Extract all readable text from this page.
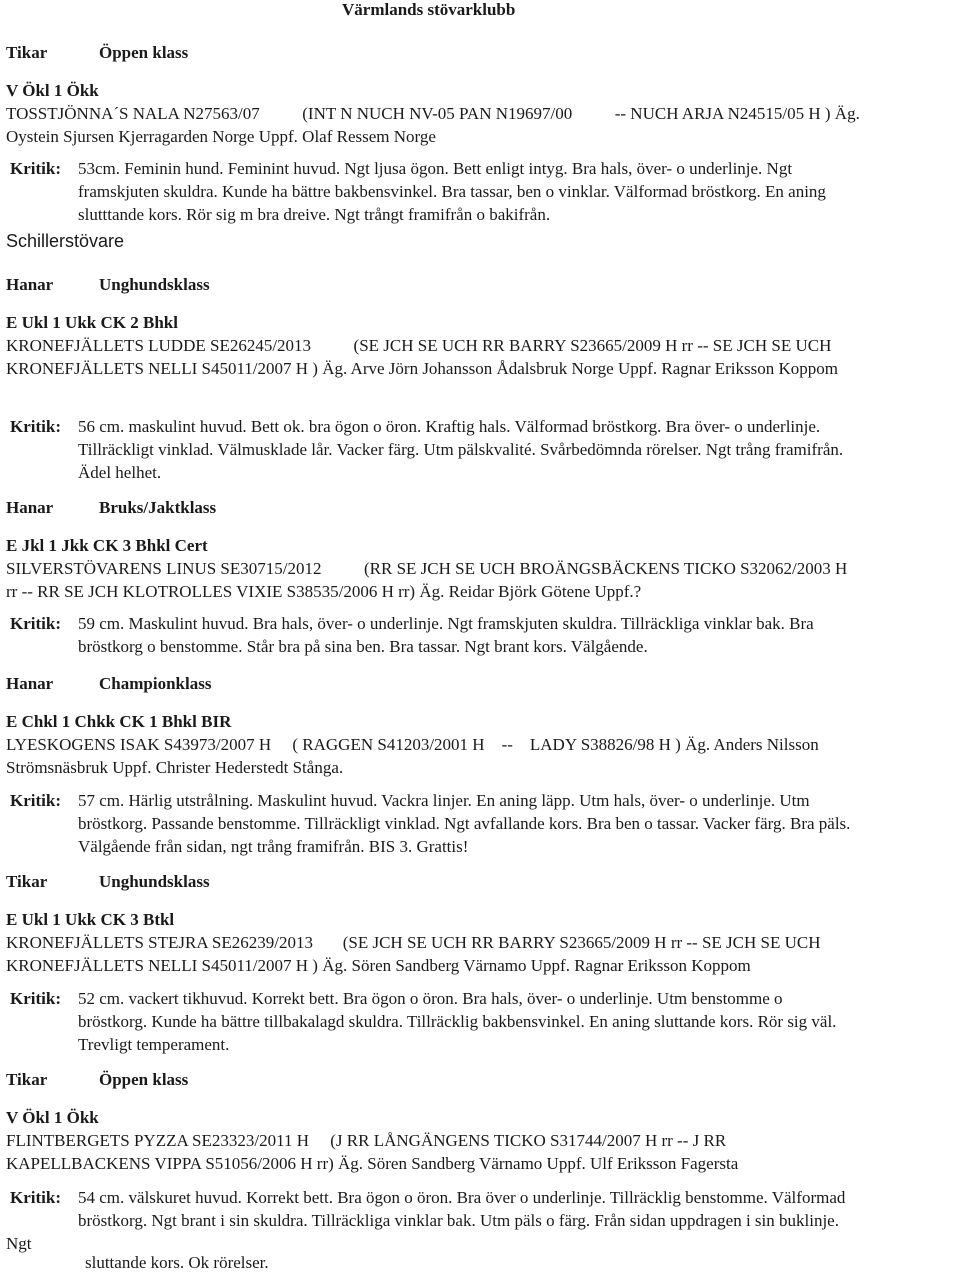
Värmlands stövarklubb
Tikar	Öppen klass
V Ökl 1 Ökk
TOSSTJÖNNA´S NALA N27563/07          (INT N NUCH NV-05 PAN N19697/00          -- NUCH ARJA N24515/05 H ) Äg.
Oystein Sjursen Kjerragarden Norge Uppf. Olaf Ressem Norge
Kritik: 53cm. Feminin hund. Feminint huvud. Ngt ljusa ögon. Bett enligt intyg. Bra hals, över- o underlinje. Ngt
framskjuten skuldra. Kunde ha bättre bakbensvinkel. Bra tassar, ben o vinklar. Välformad bröstkorg. En aning
slutttande kors. Rör sig m bra dreive. Ngt trångt framifrån o bakifrån.
Schillerstövare
Hanar	Unghundsklass
E Ukl 1 Ukk CK 2 Bhkl
KRONEFJÄLLETS LUDDE SE26245/2013          (SE JCH SE UCH RR BARRY S23665/2009 H rr -- SE JCH SE UCH
KRONEFJÄLLETS NELLI S45011/2007 H ) Äg. Arve Jörn Johansson Ådalsbruk Norge Uppf. Ragnar Eriksson Koppom
Kritik: 56 cm. maskulint huvud. Bett ok. bra ögon o öron. Kraftig hals. Välformad bröstkorg. Bra över- o underlinje.
Tillräckligt vinklad. Välmusklade lår. Vacker färg. Utm pälskvalité. Svårbedömnda rörelser. Ngt trång framifrån.
Ädel helhet.
Hanar	Bruks/Jaktklass
E Jkl 1 Jkk CK 3 Bhkl Cert
SILVERSTÖVARENS LINUS SE30715/2012          (RR SE JCH SE UCH BROÄNGSBÄCKENS TICKO S32062/2003 H
rr -- RR SE JCH KLOTROLLES VIXIE S38535/2006 H rr) Äg. Reidar Björk Götene Uppf.?
Kritik: 59 cm. Maskulint huvud. Bra hals, över- o underlinje. Ngt framskjuten skuldra. Tillräckliga vinklar bak. Bra
bröstkorg o benstomme. Står bra på sina ben. Bra tassar. Ngt brant kors. Välgående.
Hanar	Championklass
E Chkl 1 Chkk CK 1 Bhkl BIR
LYESKOGENS ISAK S43973/2007 H     ( RAGGEN S41203/2001 H    --    LADY S38826/98 H ) Äg. Anders Nilsson
Strömsnäsbruk Uppf. Christer Hederstedt Stånga.
Kritik: 57 cm. Härlig utstrålning. Maskulint huvud. Vackra linjer. En aning läpp. Utm hals, över- o underlinje. Utm
bröstkorg. Passande benstomme. Tillräckligt vinklad. Ngt avfallande kors. Bra ben o tassar. Vacker färg. Bra päls.
Välgående från sidan, ngt trång framifrån. BIS 3. Grattis!
Tikar	Unghundsklass
E Ukl 1 Ukk CK 3 Btkl
KRONEFJÄLLETS STEJRA SE26239/2013       (SE JCH SE UCH RR BARRY S23665/2009 H rr -- SE JCH SE UCH
KRONEFJÄLLETS NELLI S45011/2007 H ) Äg. Sören Sandberg Värnamo Uppf. Ragnar Eriksson Koppom
Kritik: 52 cm. vackert tikhuvud. Korrekt bett. Bra ögon o öron. Bra hals, över- o underlinje. Utm benstomme o
bröstkorg. Kunde ha bättre tillbakalagd skuldra. Tillräcklig bakbensvinkel. En aning sluttande kors. Rör sig väl.
Trevligt temperament.
Tikar	Öppen klass
V Ökl 1 Ökk
FLINTBERGETS PYZZA SE23323/2011 H     (J RR LÅNGÄNGENS TICKO S31744/2007 H rr -- J RR
KAPELLBACKENS VIPPA S51056/2006 H rr) Äg. Sören Sandberg Värnamo Uppf. Ulf Eriksson Fagersta
Kritik: 54 cm. välskuret huvud. Korrekt bett. Bra ögon o öron. Bra över o underlinje. Tillräcklig benstomme. Välformad
bröstkorg. Ngt brant i sin skuldra. Tillräckliga vinklar bak. Utm päls o färg. Från sidan uppdragen i sin buklinje.
Ngt
sluttande kors. Ok rörelser.
